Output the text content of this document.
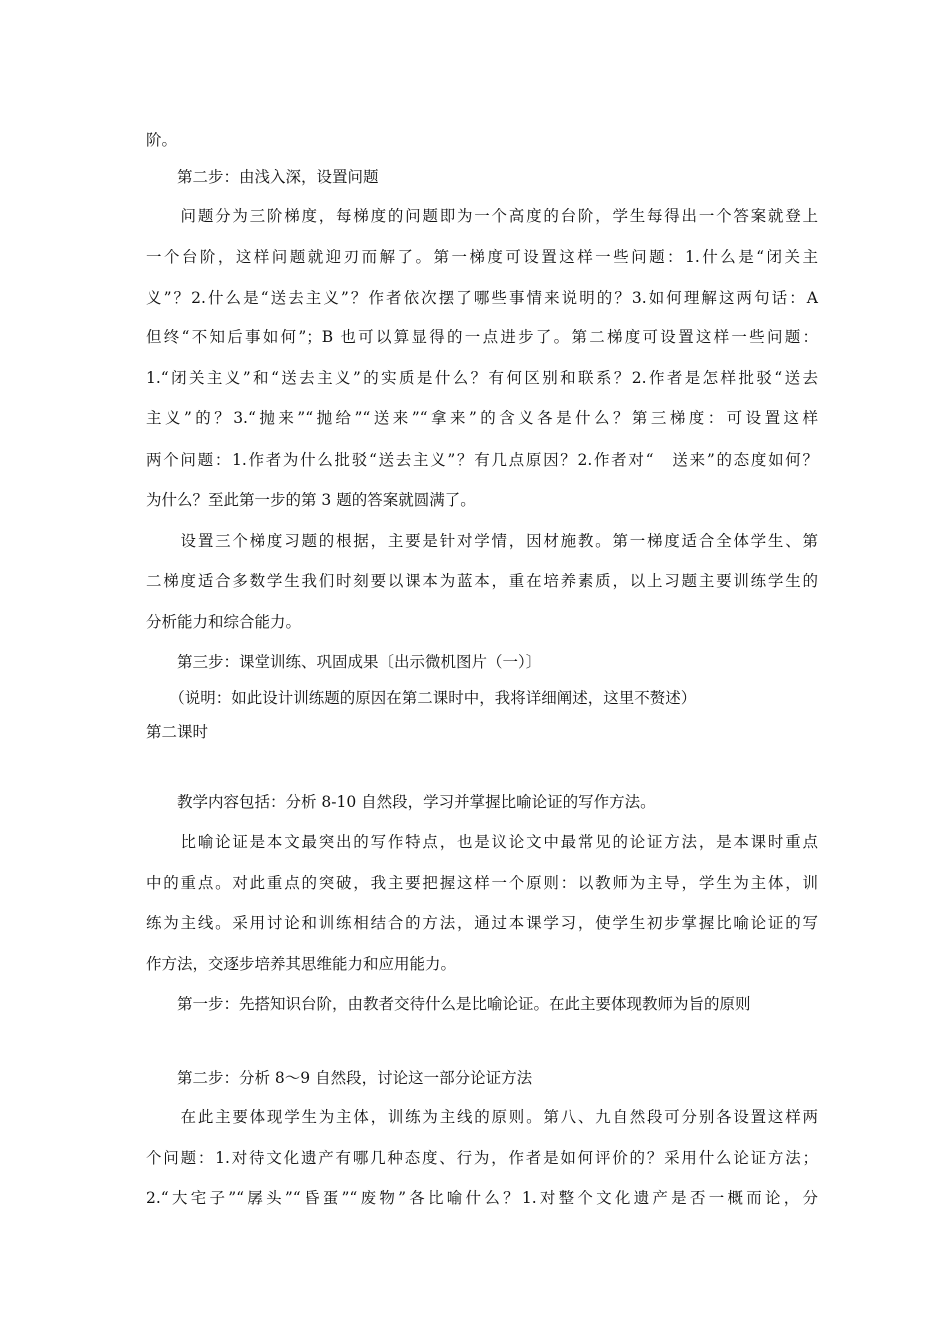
阶。
　　第二步：由浅入深，设置问题
　　问题分为三阶梯度，每梯度的问题即为一个高度的台阶，学生每得出一个答案就登上
一个台阶，这样问题就迎刃而解了。第一梯度可设置这样一些问题：1.什么是“闭关主
义”？2.什么是“送去主义”？作者依次摆了哪些事情来说明的？3.如何理解这两句话：A
但终“不知后事如何”；B 也可以算显得的一点进步了。第二梯度可设置这样一些问题：
1.“闭关主义”和“送去主义”的实质是什么？有何区别和联系？2.作者是怎样批驳“送去
主义”的？3.“抛来”“抛给”“送来”“拿来”的含义各是什么？第三梯度：可设置这样
两个问题：1.作者为什么批驳“送去主义”？有几点原因？2.作者对“　送来”的态度如何？
为什么？至此第一步的第 3 题的答案就圆满了。
　　设置三个梯度习题的根据，主要是针对学情，因材施教。第一梯度适合全体学生、第
二梯度适合多数学生我们时刻要以课本为蓝本，重在培养素质，以上习题主要训练学生的
分析能力和综合能力。
　　第三步：课堂训练、巩固成果〔出示微机图片（一）〕
　　（说明：如此设计训练题的原因在第二课时中，我将详细阐述，这里不赘述）
第二课时
　　教学内容包括：分析 8-10 自然段，学习并掌握比喻论证的写作方法。
　　比喻论证是本文最突出的写作特点，也是议论文中最常见的论证方法，是本课时重点
中的重点。对此重点的突破，我主要把握这样一个原则：以教师为主导，学生为主体，训
练为主线。采用讨论和训练相结合的方法，通过本课学习，使学生初步掌握比喻论证的写
作方法，交逐步培养其思维能力和应用能力。
　　第一步：先搭知识台阶，由教者交待什么是比喻论证。在此主要体现教师为旨的原则
　　第二步：分析 8～9 自然段，讨论这一部分论证方法
　　在此主要体现学生为主体，训练为主线的原则。第八、九自然段可分别各设置这样两
个问题：1.对待文化遗产有哪几种态度、行为，作者是如何评价的？采用什么论证方法；
2.“大宅子”“孱头”“昏蛋”“废物”各比喻什么？1.对整个文化遗产是否一概而论，分
